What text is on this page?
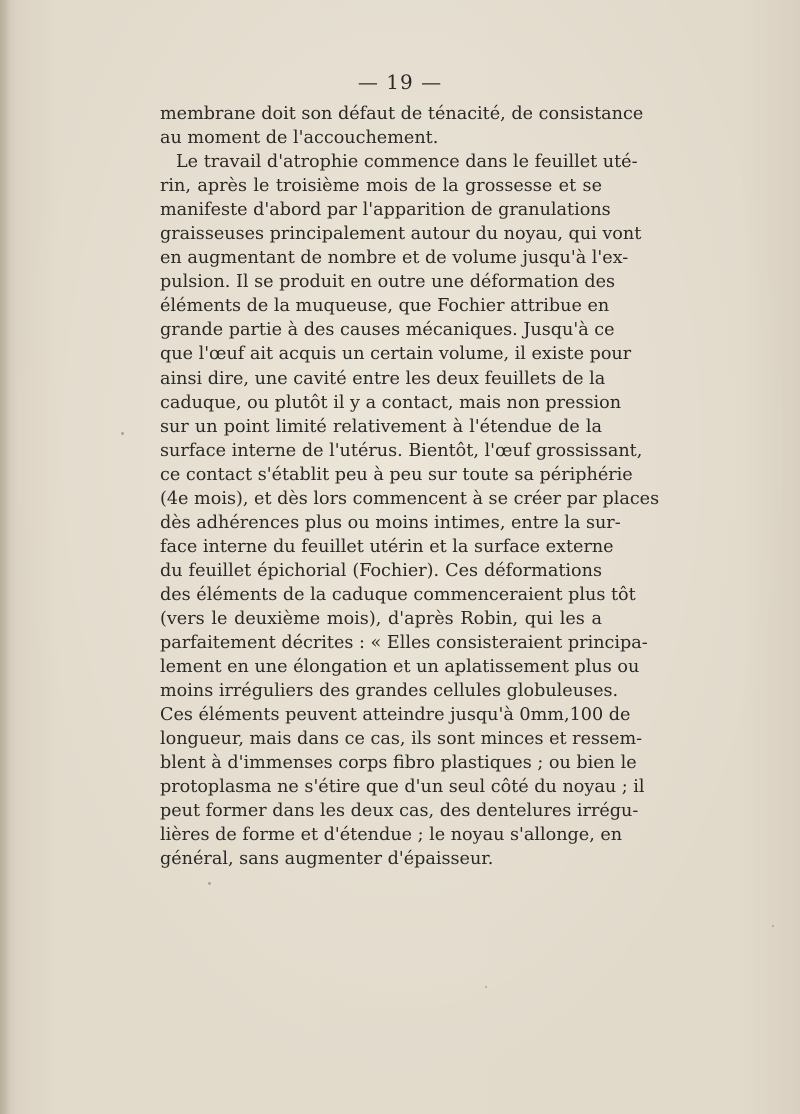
— 19 —
membrane doit son défaut de ténacité, de consistance
au moment de l'accouchement.
Le travail d'atrophie commence dans le feuillet uté-
rin, après le troisième mois de la grossesse et se
manifeste d'abord par l'apparition de granulations
graisseuses principalement autour du noyau, qui vont
en augmentant de nombre et de volume jusqu'à l'ex-
pulsion. Il se produit en outre une déformation des
éléments de la muqueuse, que Fochier attribue en
grande partie à des causes mécaniques. Jusqu'à ce
que l'œuf ait acquis un certain volume, il existe pour
ainsi dire, une cavité entre les deux feuillets de la
caduque, ou plutôt il y a contact, mais non pression
sur un point limité relativement à l'étendue de la
surface interne de l'utérus. Bientôt, l'œuf grossissant,
ce contact s'établit peu à peu sur toute sa périphérie
(4e mois), et dès lors commencent à se créer par places
dès adhérences plus ou moins intimes, entre la sur-
face interne du feuillet utérin et la surface externe
du feuillet épichorial (Fochier). Ces déformations
des éléments de la caduque commenceraient plus tôt
(vers le deuxième mois), d'après Robin, qui les a
parfaitement décrites : « Elles consisteraient principa-
lement en une élongation et un aplatissement plus ou
moins irréguliers des grandes cellules globuleuses.
Ces éléments peuvent atteindre jusqu'à 0mm,100 de
longueur, mais dans ce cas, ils sont minces et ressem-
blent à d'immenses corps fibro plastiques ; ou bien le
protoplasma ne s'étire que d'un seul côté du noyau ; il
peut former dans les deux cas, des dentelures irrégu-
lières de forme et d'étendue ; le noyau s'allonge, en
général, sans augmenter d'épaisseur.
